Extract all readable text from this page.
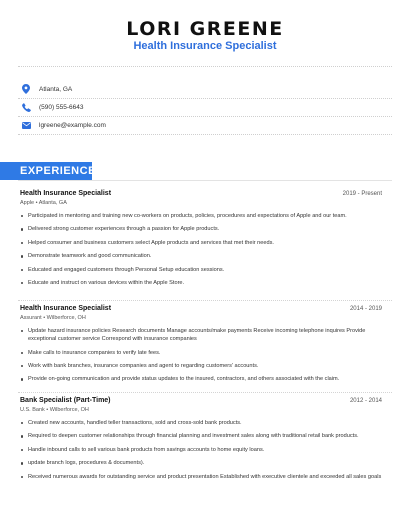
LORI GREENE
Health Insurance Specialist
Atlanta, GA
(590) 555-6643
lgreene@example.com
EXPERIENCE
Health Insurance Specialist	2019 - Present
Apple • Atlanta, GA
Participated in mentoring and training new co-workers on products, policies, procedures and expectations of Apple and our team.
Delivered strong customer experiences through a passion for Apple products.
Helped consumer and business customers select Apple products and services that met their needs.
Demonstrate teamwork and good communication.
Educated and engaged customers through Personal Setup education sessions.
Educate and instruct on various devices within the Apple Store.
Health Insurance Specialist	2014 - 2019
Assurant • Wilberforce, OH
Update hazard insurance policies Research documents Manage accounts/make payments Receive incoming telephone inquires Provide exceptional customer service Correspond with insurance companies
Make calls to insurance companies to verify late fees.
Work with bank branches, insurance companies and agent to regarding customers' accounts.
Provide on-going communication and provide status updates to the insured, contractors, and others associated with the claim.
Bank Specialist (Part-Time)	2012 - 2014
U.S. Bank • Wilberforce, OH
Created new accounts, handled teller transactions, sold and cross-sold bank products.
Required to deepen customer relationships through financial planning and investment sales along with traditional retail bank products.
Handle inbound calls to sell various bank products from savings accounts to home equity loans.
update branch logs, procedures & documents).
Received numerous awards for outstanding service and product presentation Established with executive clientele and exceeded all sales goals
